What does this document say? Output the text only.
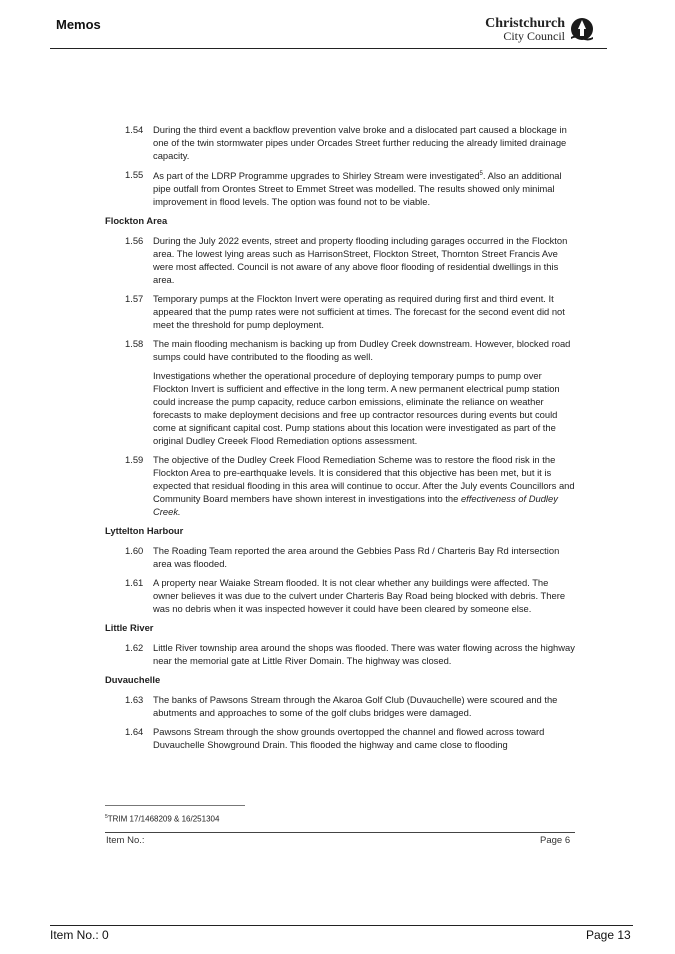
Memos	Christchurch
City Council
1.54	During the third event a backflow prevention valve broke and a dislocated part caused a blockage in one of the twin stormwater pipes under Orcades Street further reducing the already limited drainage capacity.
1.55	As part of the LDRP Programme upgrades to Shirley Stream were investigated$^5$. Also an additional pipe outfall from Orontes Street to Emmet Street was modelled. The results showed only minimal improvement in flood levels. The option was found not to be viable.
Flockton Area
1.56	During the July 2022 events, street and property flooding including garages occurred in the Flockton area. The lowest lying areas such as HarrisonStreet, Flockton Street, Thornton Street Francis Ave were most affected. Council is not aware of any above floor flooding of residential dwellings in this area.
1.57	Temporary pumps at the Flockton Invert were operating as required during first and third event. It appeared that the pump rates were not sufficient at times. The forecast for the second event did not meet the threshold for pump deployment.
1.58	The main flooding mechanism is backing up from Dudley Creek downstream. However, blocked road sumps could have contributed to the flooding as well.
Investigations whether the operational procedure of deploying temporary pumps to pump over Flockton Invert is sufficient and effective in the long term. A new permanent electrical pump station could increase the pump capacity, reduce carbon emissions, eliminate the reliance on weather forecasts to make deployment decisions and free up contractor resources during events but could come at significant capital cost. Pump stations about this location were investigated as part of the original Dudley Creeek Flood Remediation options assessment.
1.59	The objective of the Dudley Creek Flood Remediation Scheme was to restore the flood risk in the Flockton Area to pre-earthquake levels. It is considered that this objective has been met, but it is expected that residual flooding in this area will continue to occur. After the July events Councillors and Community Board members have shown interest in investigations into the effectiveness of Dudley Creek.
Lyttelton Harbour
1.60	The Roading Team reported the area around the Gebbies Pass Rd / Charteris Bay Rd intersection area was flooded.
1.61	A property near Waiake Stream flooded. It is not clear whether any buildings were affected. The owner believes it was due to the culvert under Charteris Bay Road being blocked with debris. There was no debris when it was inspected however it could have been cleared by someone else.
Little River
1.62	Little River township area around the shops was flooded. There was water flowing across the highway near the memorial gate at Little River Domain. The highway was closed.
Duvauchelle
1.63	The banks of Pawsons Stream through the Akaroa Golf Club (Duvauchelle) were scoured and the abutments and approaches to some of the golf clubs bridges were damaged.
1.64	Pawsons Stream through the show grounds overtopped the channel and flowed across toward Duvauchelle Showground Drain. This flooded the highway and came close to flooding
$^5$TRIM 17/1468209 & 16/251304
Item No.:	Page 6
Item No.: 0	Page 13
